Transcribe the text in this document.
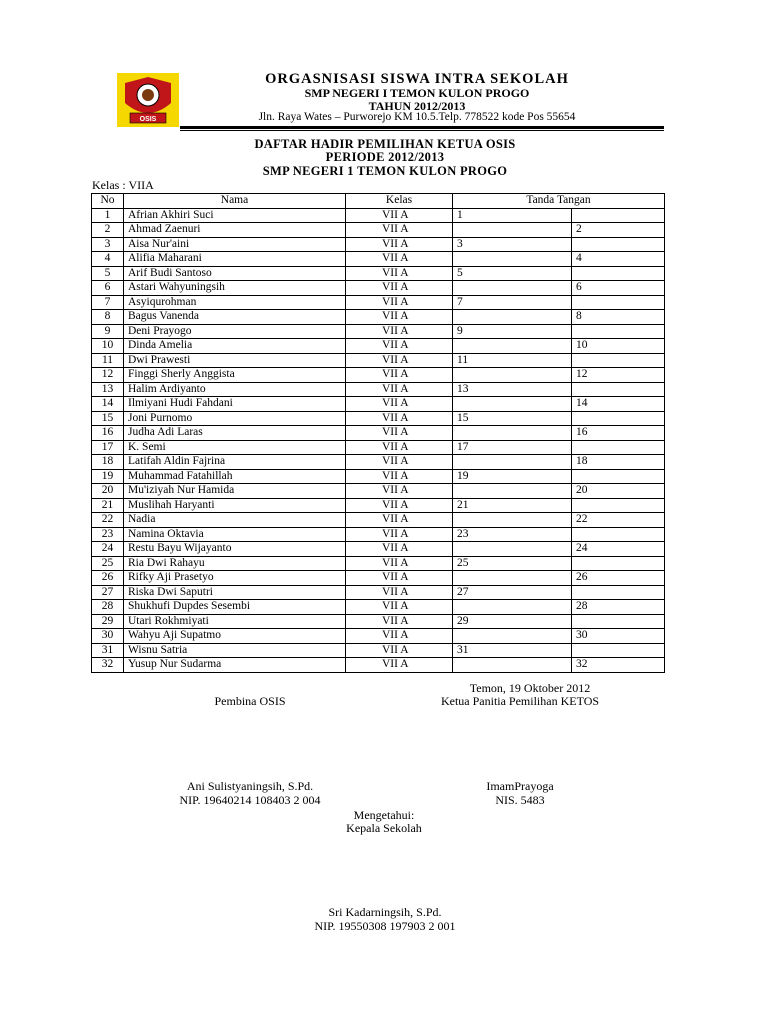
OSIS
ORGASNISASI SISWA INTRA SEKOLAH
SMP NEGERI I TEMON KULON PROGO
TAHUN 2012/2013
Jln. Raya Wates – Purworejo KM 10.5.Telp. 778522 kode Pos 55654
DAFTAR HADIR PEMILIHAN KETUA OSIS
PERIODE 2012/2013
SMP NEGERI 1 TEMON KULON PROGO
Kelas : VIIA
No	Nama	Kelas	Tanda Tangan	
1	Afrian Akhiri Suci	VII A	1	
2	Ahmad Zaenuri	VII A		2
3	Aisa Nur'aini	VII A	3	
4	Alifia Maharani	VII A		4
5	Arif Budi Santoso	VII A	5	
6	Astari Wahyuningsih	VII A		6
7	Asyiqurohman	VII A	7	
8	Bagus Vanenda	VII A		8
9	Deni Prayogo	VII A	9	
10	Dinda Amelia	VII A		10
11	Dwi Prawesti	VII A	11	
12	Finggi Sherly Anggista	VII A		12
13	Halim Ardiyanto	VII A	13	
14	Ilmiyani Hudi Fahdani	VII A		14
15	Joni Purnomo	VII A	15	
16	Judha Adi Laras	VII A		16
17	K. Semi	VII A	17	
18	Latifah Aldin Fajrina	VII A		18
19	Muhammad Fatahillah	VII A	19	
20	Mu'iziyah Nur Hamida	VII A		20
21	Muslihah Haryanti	VII A	21	
22	Nadia	VII A		22
23	Namina Oktavia	VII A	23	
24	Restu Bayu Wijayanto	VII A		24
25	Ria Dwi Rahayu	VII A	25	
26	Rifky Aji Prasetyo	VII A		26
27	Riska Dwi Saputri	VII A	27	
28	Shukhufi Dupdes Sesembi	VII A		28
29	Utari Rokhmiyati	VII A	29	
30	Wahyu Aji Supatmo	VII A		30
31	Wisnu Satria	VII A	31	
32	Yusup Nur Sudarma	VII A		32
Temon, 19 Oktober 2012
Pembina OSIS	Ketua Panitia Pemilihan KETOS
Ani Sulistyaningsih, S.Pd.
NIP. 19640214 108403 2 004
ImamPrayoga
NIS. 5483
Mengetahui:
Kepala Sekolah
Sri Kadarningsih, S.Pd.
NIP. 19550308 197903 2 001
